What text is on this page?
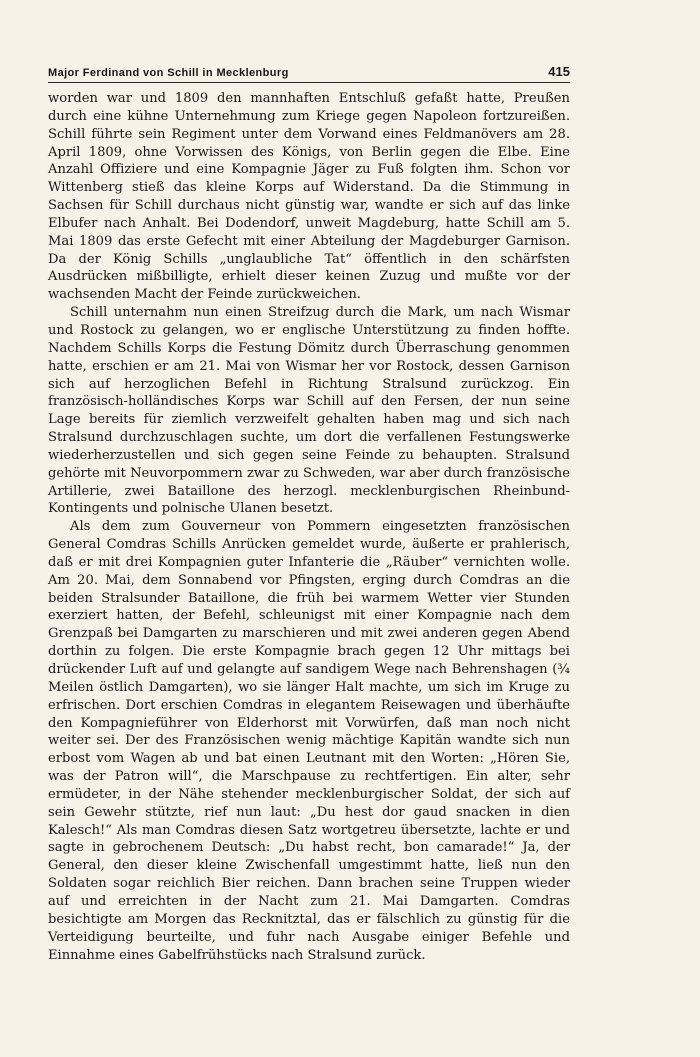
Major Ferdinand von Schill in Mecklenburg	415

worden war und 1809 den mannhaften Entschluß gefaßt hatte, Preußen durch eine kühne Unternehmung zum Kriege gegen Napoleon fortzureißen. Schill führte sein Regiment unter dem Vorwand eines Feldmanövers am 28. April 1809, ohne Vorwissen des Königs, von Berlin gegen die Elbe. Eine Anzahl Offiziere und eine Kompagnie Jäger zu Fuß folgten ihm. Schon vor Wittenberg stieß das kleine Korps auf Widerstand. Da die Stimmung in Sachsen für Schill durchaus nicht günstig war, wandte er sich auf das linke Elbufer nach Anhalt. Bei Dodendorf, unweit Magdeburg, hatte Schill am 5. Mai 1809 das erste Gefecht mit einer Abteilung der Magdeburger Garnison. Da der König Schills „unglaubliche Tat“ öffentlich in den schärfsten Ausdrücken mißbilligte, erhielt dieser keinen Zuzug und mußte vor der wachsenden Macht der Feinde zurückweichen.

Schill unternahm nun einen Streifzug durch die Mark, um nach Wismar und Rostock zu gelangen, wo er englische Unterstützung zu finden hoffte. Nachdem Schills Korps die Festung Dömitz durch Überraschung genommen hatte, erschien er am 21. Mai von Wismar her vor Rostock, dessen Garnison sich auf herzoglichen Befehl in Richtung Stralsund zurückzog. Ein französisch-holländisches Korps war Schill auf den Fersen, der nun seine Lage bereits für ziemlich verzweifelt gehalten haben mag und sich nach Stralsund durchzuschlagen suchte, um dort die verfallenen Festungswerke wiederherzustellen und sich gegen seine Feinde zu behaupten. Stralsund gehörte mit Neuvorpommern zwar zu Schweden, war aber durch französische Artillerie, zwei Bataillone des herzogl. mecklenburgischen Rheinbund-Kontingents und polnische Ulanen besetzt.

Als dem zum Gouverneur von Pommern eingesetzten französischen General Comdras Schills Anrücken gemeldet wurde, äußerte er prahlerisch, daß er mit drei Kompagnien guter Infanterie die „Räuber“ vernichten wolle. Am 20. Mai, dem Sonnabend vor Pfingsten, erging durch Comdras an die beiden Stralsunder Bataillone, die früh bei warmem Wetter vier Stunden exerziert hatten, der Befehl, schleunigst mit einer Kompagnie nach dem Grenzpaß bei Damgarten zu marschieren und mit zwei anderen gegen Abend dorthin zu folgen. Die erste Kompagnie brach gegen 12 Uhr mittags bei drückender Luft auf und gelangte auf sandigem Wege nach Behrenshagen (¾ Meilen östlich Damgarten), wo sie länger Halt machte, um sich im Kruge zu erfrischen. Dort erschien Comdras in elegantem Reisewagen und überhäufte den Kompagnieführer von Elderhorst mit Vorwürfen, daß man noch nicht weiter sei. Der des Französischen wenig mächtige Kapitän wandte sich nun erbost vom Wagen ab und bat einen Leutnant mit den Worten: „Hören Sie, was der Patron will“, die Marschpause zu rechtfertigen. Ein alter, sehr ermüdeter, in der Nähe stehender mecklenburgischer Soldat, der sich auf sein Gewehr stützte, rief nun laut: „Du hest dor gaud snacken in dien Kalesch!“ Als man Comdras diesen Satz wortgetreu übersetzte, lachte er und sagte in gebrochenem Deutsch: „Du habst recht, bon camarade!“ Ja, der General, den dieser kleine Zwischenfall umgestimmt hatte, ließ nun den Soldaten sogar reichlich Bier reichen. Dann brachen seine Truppen wieder auf und erreichten in der Nacht zum 21. Mai Damgarten. Comdras besichtigte am Morgen das Recknitztal, das er fälschlich zu günstig für die Verteidigung beurteilte, und fuhr nach Ausgabe einiger Befehle und Einnahme eines Gabelfrühstücks nach Stralsund zurück.
